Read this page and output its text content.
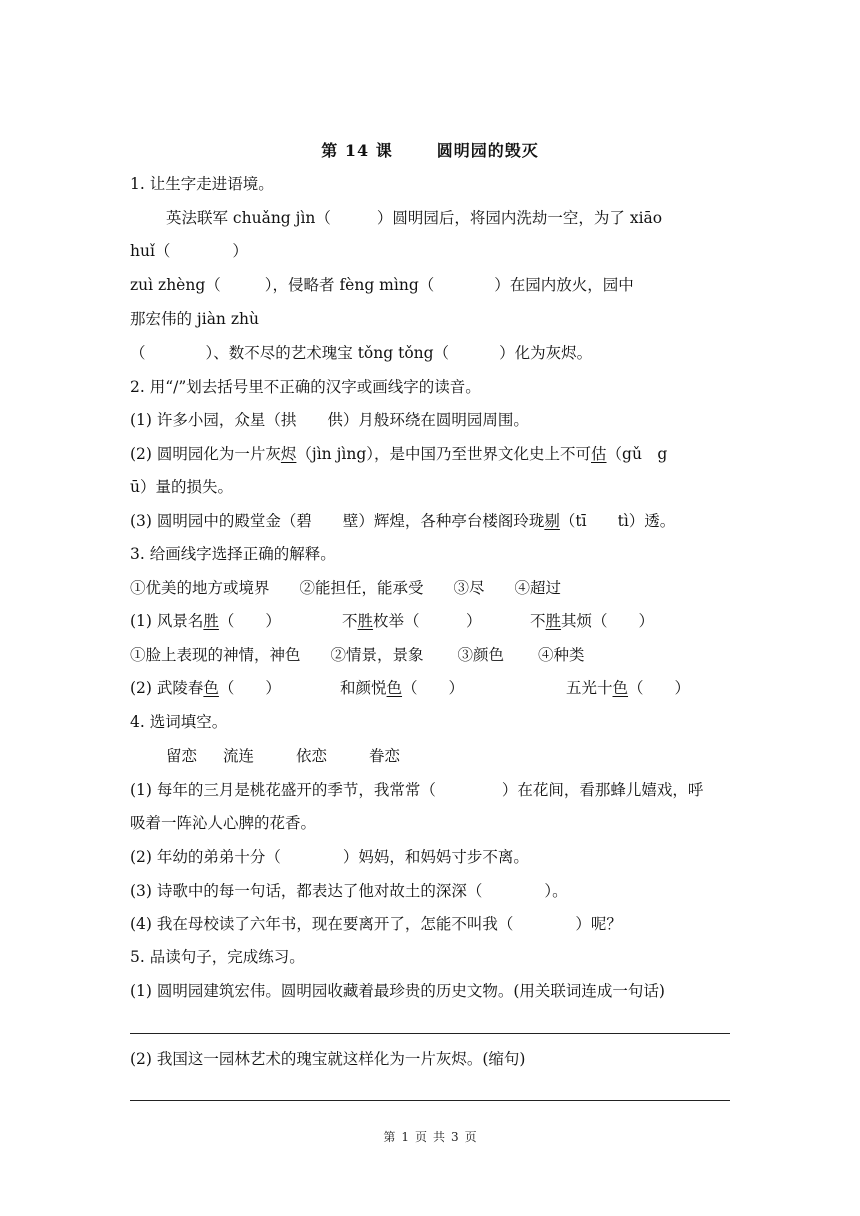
第 14 课	圆明园的毁灭
1. 让生字走进语境。
英法联军 chuǎng jìn（	）圆明园后，将园内洗劫一空，为了 xiāo
huǐ（　　　　）
zuì zhèng（	），侵略者 fèng mìng（	）在园内放火，园中
那宏伟的 jiàn zhù
（	）、数不尽的艺术瑰宝 tǒng tǒng（	）化为灰烬。
2. 用“/”划去括号里不正确的汉字或画线字的读音。
(1) 许多小园，众星（拱　　供）月般环绕在圆明园周围。
(2) 圆明园化为一片灰烬（jìn jìng），是中国乃至世界文化史上不可估（gǔ　g
ū）量的损失。
(3) 圆明园中的殿堂金（碧　　壁）辉煌，各种亭台楼阁玲珑剔（tī　　tì）透。
3. 给画线字选择正确的解释。
①优美的地方或境界 ②能担任，能承受 ③尽 ④超过
(1) 风景名胜（　　）	不胜枚举（　　　）	不胜其烦（　　）
①脸上表现的神情，神色 ②情景，景象 ③颜色 ④种类
(2) 武陵春色（　　）	和颜悦色（　　）	五光十色（　　）
4. 选词填空。
留恋 流连	依恋	眷恋
(1) 每年的三月是桃花盛开的季节，我常常（	）在花间，看那蜂儿嬉戏，呼
吸着一阵沁人心脾的花香。
(2) 年幼的弟弟十分（　　　　）妈妈，和妈妈寸步不离。
(3) 诗歌中的每一句话，都表达了他对故土的深深（　　　　）。
(4) 我在母校读了六年书，现在要离开了，怎能不叫我（　　　　）呢？
5. 品读句子，完成练习。
(1) 圆明园建筑宏伟。圆明园收藏着最珍贵的历史文物。(用关联词连成一句话)
(2) 我国这一园林艺术的瑰宝就这样化为一片灰烬。(缩句)
第 1 页 共 3 页
